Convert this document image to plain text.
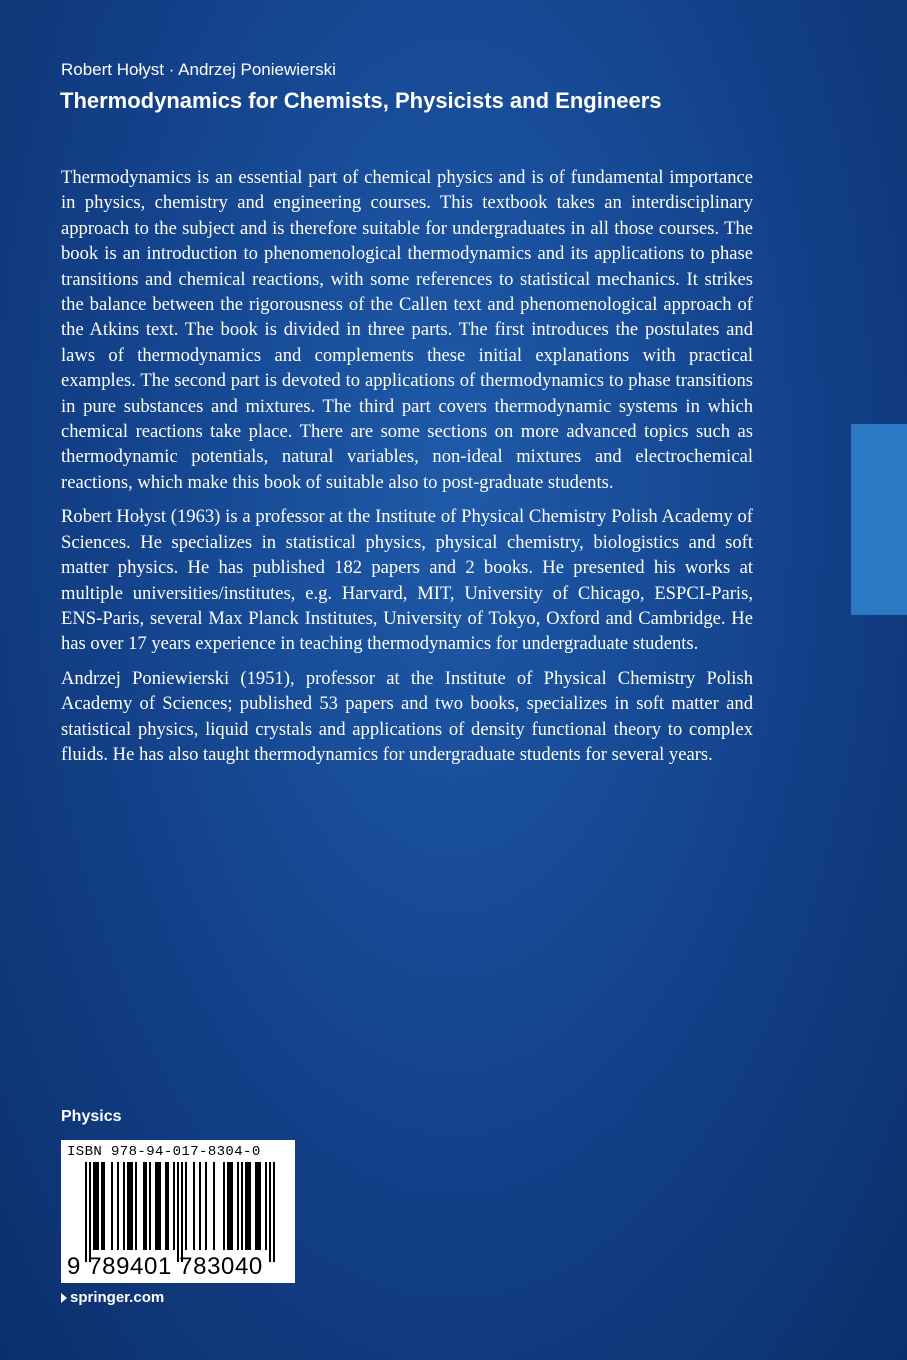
Robert Hołyst · Andrzej Poniewierski
Thermodynamics for Chemists, Physicists and Engineers

Thermodynamics is an essential part of chemical physics and is of fundamental importance in physics, chemistry and engineering courses. This textbook takes an interdisciplinary approach to the subject and is therefore suitable for undergraduates in all those courses. The book is an introduction to phenomenological thermodynamics and its applications to phase transitions and chemical reactions, with some references to statistical mechanics. It strikes the balance between the rigorousness of the Callen text and phenomenological approach of the Atkins text. The book is divided in three parts. The first introduces the postulates and laws of thermodynamics and complements these initial explanations with practical examples. The second part is devoted to applications of thermodynamics to phase transitions in pure substances and mixtures. The third part covers thermodynamic systems in which chemical reactions take place. There are some sections on more advanced topics such as thermodynamic potentials, natural variables, non-ideal mixtures and electrochemical reactions, which make this book of suitable also to post-graduate students.

Robert Hołyst (1963) is a professor at the Institute of Physical Chemistry Polish Academy of Sciences. He specializes in statistical physics, physical chemistry, biologistics and soft matter physics. He has published 182 papers and 2 books. He presented his works at multiple universities/institutes, e.g. Harvard, MIT, University of Chicago, ESPCI-Paris, ENS-Paris, several Max Planck Institutes, University of Tokyo, Oxford and Cambridge. He has over 17 years experience in teaching thermodynamics for undergraduate students.

Andrzej Poniewierski (1951), professor at the Institute of Physical Chemistry Polish Academy of Sciences; published 53 papers and two books, specializes in soft matter and statistical physics, liquid crystals and applications of density functional theory to complex fluids. He has also taught thermodynamics for undergraduate students for several years.

Physics
ISBN 978-94-017-8304-0
9 789401 783040
springer.com
